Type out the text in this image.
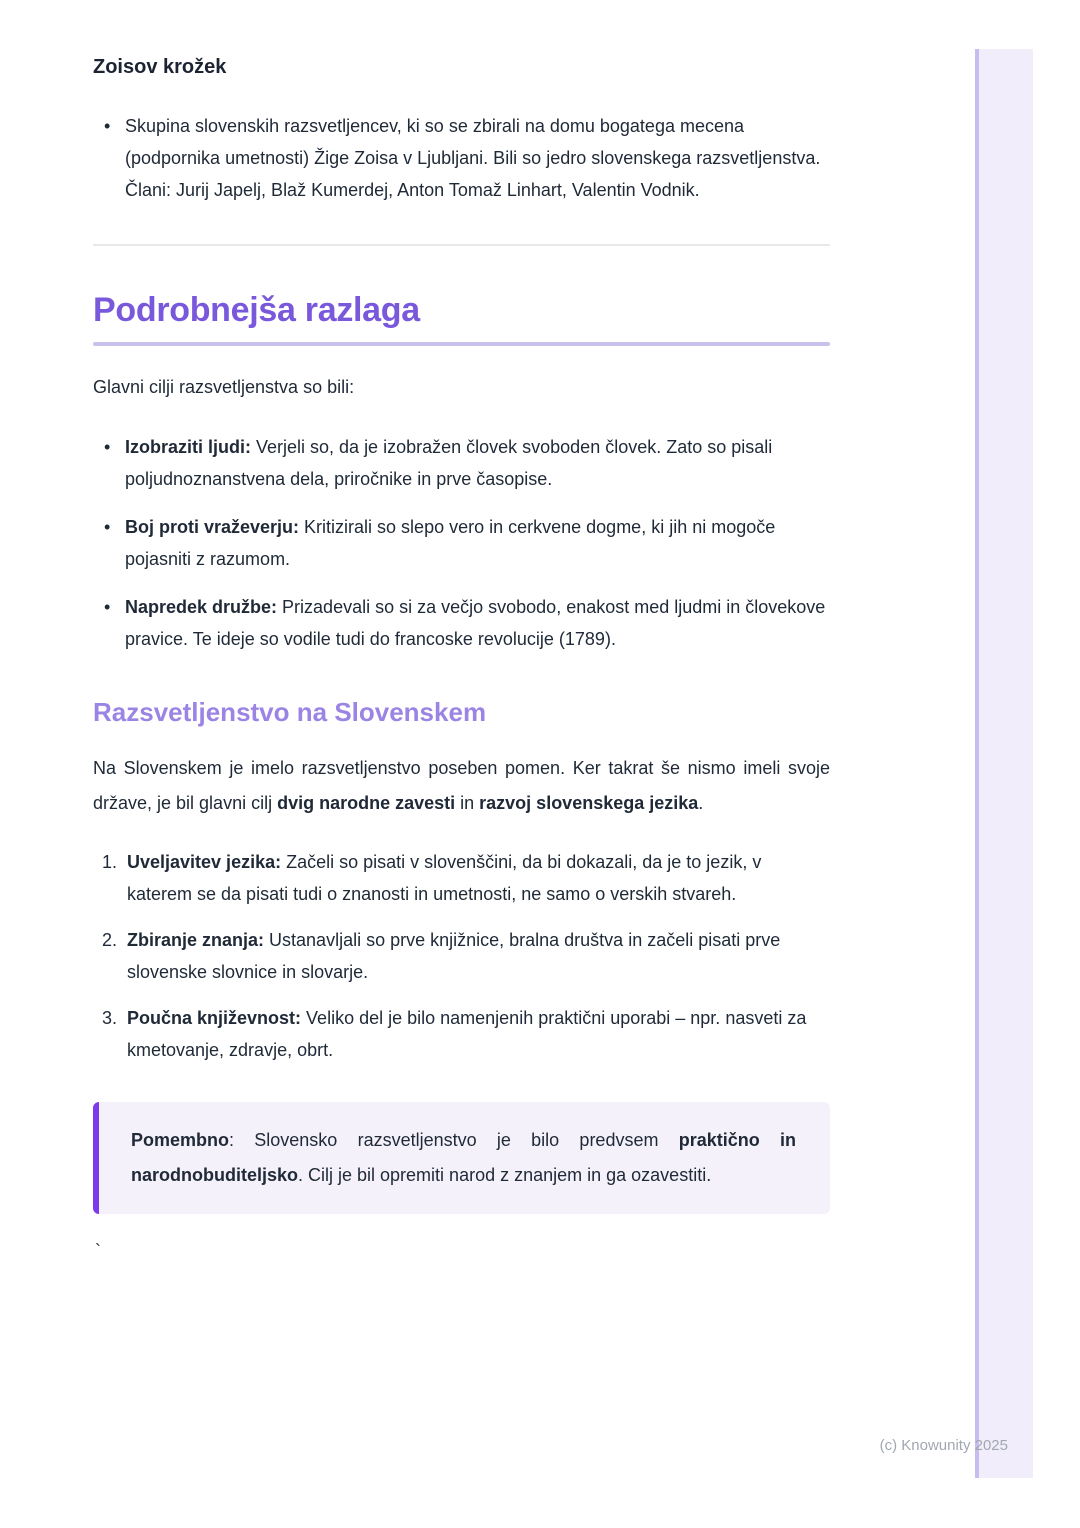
Zoisov krožek
• Skupina slovenskih razsvetljencev, ki so se zbirali na domu bogatega mecena (podpornika umetnosti) Žige Zoisa v Ljubljani. Bili so jedro slovenskega razsvetljenstva. Člani: Jurij Japelj, Blaž Kumerdej, Anton Tomaž Linhart, Valentin Vodnik.
Podrobnejša razlaga

Glavni cilji razsvetljenstva so bili:

• Izobraziti ljudi: Verjeli so, da je izobražen človek svoboden človek. Zato so pisali poljudnoznanstvena dela, priročnike in prve časopise.
• Boj proti vraževerju: Kritizirali so slepo vero in cerkvene dogme, ki jih ni mogoče pojasniti z razumom.
• Napredek družbe: Prizadevali so si za večjo svobodo, enakost med ljudmi in človekove pravice. Te ideje so vodile tudi do francoske revolucije (1789).
Razsvetljenstvo na Slovenskem

Na Slovenskem je imelo razsvetljenstvo poseben pomen. Ker takrat še nismo imeli svoje države, je bil glavni cilj dvig narodne zavesti in razvoj slovenskega jezika.

1. Uveljavitev jezika: Začeli so pisati v slovenščini, da bi dokazali, da je to jezik, v katerem se da pisati tudi o znanosti in umetnosti, ne samo o verskih stvareh.
2. Zbiranje znanja: Ustanavljali so prve knjižnice, bralna društva in začeli pisati prve slovenske slovnice in slovarje.
3. Poučna književnost: Veliko del je bilo namenjenih praktični uporabi – npr. nasveti za kmetovanje, zdravje, obrt.

Pomembno: Slovensko razsvetljenstvo je bilo predvsem praktično in narodnobuditeljsko. Cilj je bil opremiti narod z znanjem in ga ozavestiti.

`
(c) Knowunity 2025
